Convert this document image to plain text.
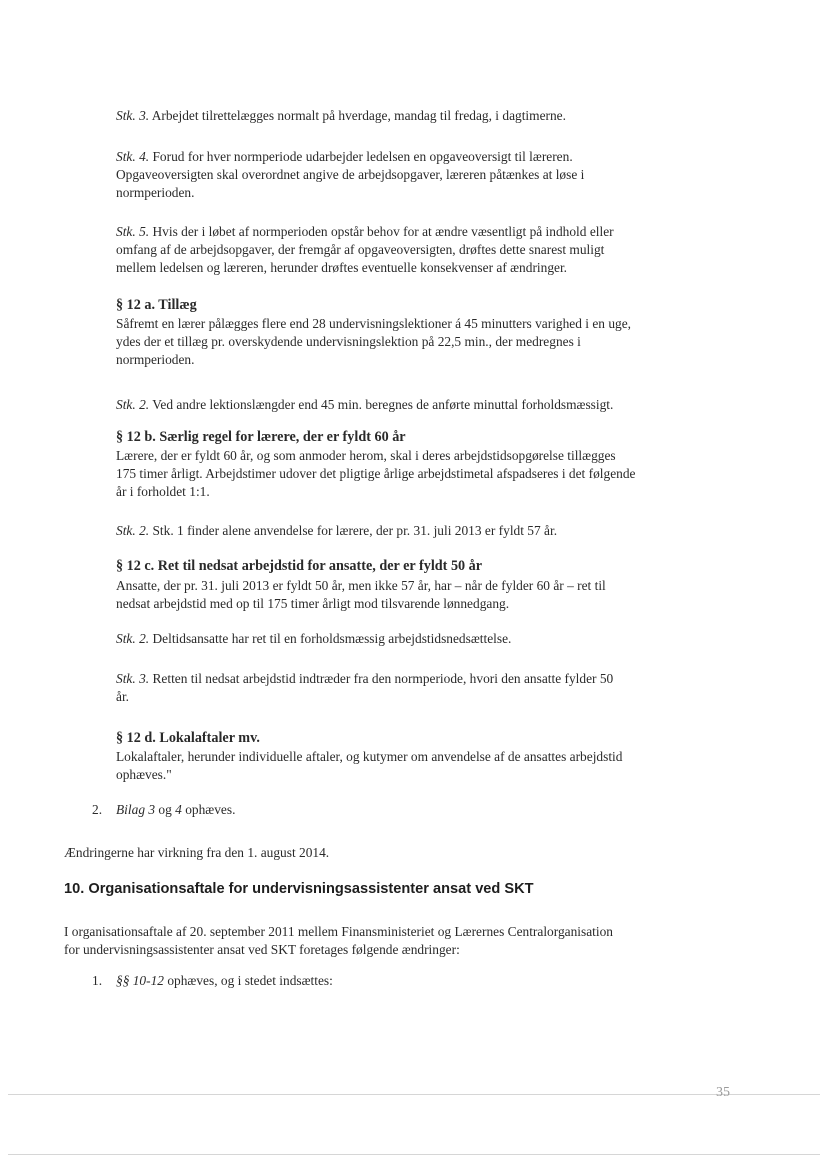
Stk. 3. Arbejdet tilrettelægges normalt på hverdage, mandag til fredag, i dagtimerne.

Stk. 4. Forud for hver normperiode udarbejder ledelsen en opgaveoversigt til læreren.
Opgaveoversigten skal overordnet angive de arbejdsopgaver, læreren påtænkes at løse i
normperioden.

Stk. 5. Hvis der i løbet af normperioden opstår behov for at ændre væsentligt på indhold eller
omfang af de arbejdsopgaver, der fremgår af opgaveoversigten, drøftes dette snarest muligt
mellem ledelsen og læreren, herunder drøftes eventuelle konsekvenser af ændringer.

§ 12 a. Tillæg

Såfremt en lærer pålægges flere end 28 undervisningslektioner á 45 minutters varighed i en uge,
ydes der et tillæg pr. overskydende undervisningslektion på 22,5 min., der medregnes i
normperioden.

Stk. 2. Ved andre lektionslængder end 45 min. beregnes de anførte minuttal forholdsmæssigt.

§ 12 b. Særlig regel for lærere, der er fyldt 60 år

Lærere, der er fyldt 60 år, og som anmoder herom, skal i deres arbejdstidsopgørelse tillægges
175 timer årligt. Arbejdstimer udover det pligtige årlige arbejdstimetal afspadseres i det følgende
år i forholdet 1:1.

Stk. 2. Stk. 1 finder alene anvendelse for lærere, der pr. 31. juli 2013 er fyldt 57 år.

§ 12 c. Ret til nedsat arbejdstid for ansatte, der er fyldt 50 år

Ansatte, der pr. 31. juli 2013 er fyldt 50 år, men ikke 57 år, har – når de fylder 60 år – ret til
nedsat arbejdstid med op til 175 timer årligt mod tilsvarende lønnedgang.

Stk. 2. Deltidsansatte har ret til en forholdsmæssig arbejdstidsnedsættelse.

Stk. 3. Retten til nedsat arbejdstid indtræder fra den normperiode, hvori den ansatte fylder 50
år.

§ 12 d. Lokalaftaler mv.

Lokalaftaler, herunder individuelle aftaler, og kutymer om anvendelse af de ansattes arbejdstid
ophæves."

2. Bilag 3 og 4 ophæves.

Ændringerne har virkning fra den 1. august 2014.

10. Organisationsaftale for undervisningsassistenter ansat ved SKT

I organisationsaftale af 20. september 2011 mellem Finansministeriet og Lærernes Centralorganisation
for undervisningsassistenter ansat ved SKT foretages følgende ændringer:

1. §§ 10-12 ophæves, og i stedet indsættes:

35
